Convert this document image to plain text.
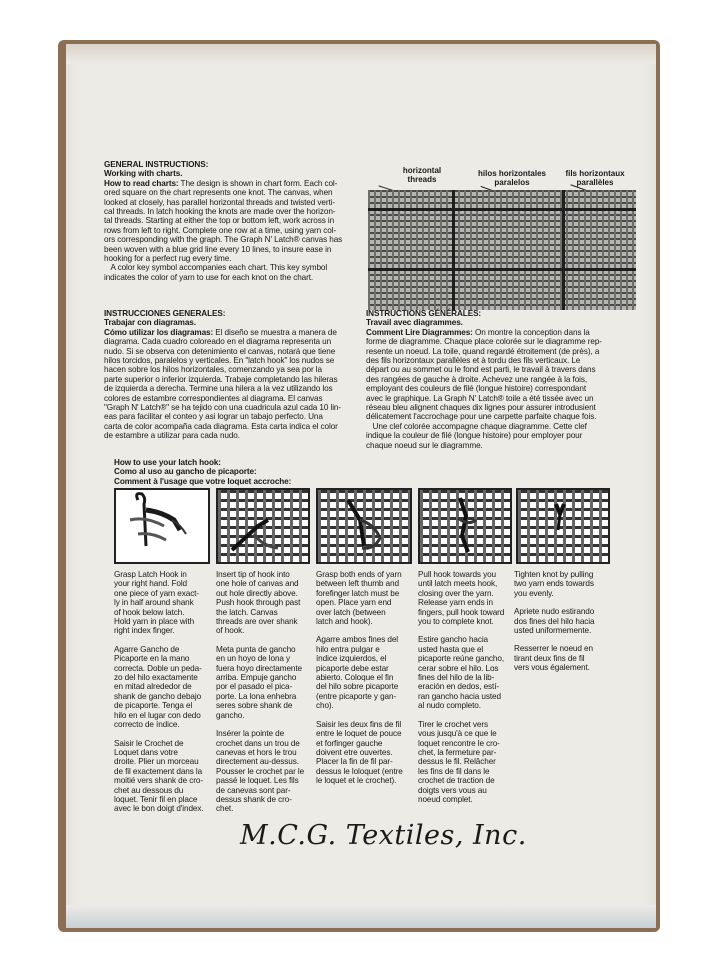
GENERAL INSTRUCTIONS:
Working with charts.
How to read charts: The design is shown in chart form. Each col-
ored square on the chart represents one knot. The canvas, when
looked at closely, has parallel horizontal threads and twisted verti-
cal threads. In latch hooking the knots are made over the horizon-
tal threads. Starting at either the top or bottom left, work across in
rows from left to right. Complete one row at a time, using yarn col-
ors corresponding with the graph. The Graph N' Latch® canvas has
been woven with a blue grid line every 10 lines, to insure ease in
hooking for a perfect rug every time.
A color key symbol accompanies each chart. This key symbol
indicates the color of yarn to use for each knot on the chart.
horizontal
threads
hilos horizontales
paralelos
fils horizontaux
parallèles
INSTRUCCIONES GENERALES:
Trabajar con diagramas.
Cómo utilizar los diagramas: El diseño se muestra a manera de
diagrama. Cada cuadro coloreado en el diagrama representa un
nudo. Si se observa con detenimiento el canvas, notará que tiene
hilos torcidos, paralelos y verticales. En "latch hook" los nudos se
hacen sobre los hilos horizontales, comenzando ya sea por la
parte superior o inferior izquierda. Trabaje completando las hileras
de izquierda a derecha. Termine una hilera a la vez utilizando los
colores de estambre correspondientes al diagrama. El canvas
"Graph N' Latch®" se ha tejido con una cuadricula azul cada 10 lin-
eas para facilitar el conteo y asi lograr un tabajo perfecto. Una
carta de color acompaña cada diagrama. Esta carta indica el color
de estambre a utilizar para cada nudo.
INSTRUCTIONS GÉNÉRALES:
Travail avec diagrammes.
Comment Lire Diagrammes: On montre la conception dans la
forme de diagramme. Chaque place colorée sur le diagramme rep-
resente un noeud. La toile, quand regardé étroitement (de près), a
des fils horizontaux parallèles et à tordu des fils verticaux. Le
départ ou au sommet ou le fond est parti, le travail à travers dans
des rangées de gauche à droite. Achevez une rangée à la fois,
employant des couleurs de filé (longue histoire) correspondant
avec le graphique. La Graph N' Latch® toile a été tissée avec un
réseau bleu alignent chaques dix lignes pour assurer introdusient
délicatement l'accrochage pour une carpette parfaite chaque fois.
Une clef colorée accompagne chaque diagramme. Cette clef
indique la couleur de filé (longue histoire) pour employer pour
chaque noeud sur le diagramme.
How to use your latch hook:
Como al uso au gancho de picaporte:
Comment à l'usage que votre loquet accroche:
Grasp Latch Hook in
your right hand. Fold
one piece of yarn exact-
ly in half around shank
of hook below latch.
Hold yarn in place with
right index finger.
Agarre Gancho de
Picaporte en la mano
correcta. Doble un peda-
zo del hilo exactamente
en mitad alrededor de
shank de gancho debajo
de picaporte. Tenga el
hilo en el lugar con dedo
correcto de índice.
Saisir le Crochet de
Loquet dans votre
droite. Plier un morceau
de fil exactement dans la
moitié vers shank de cro-
chet au dessous du
loquet. Tenir fil en place
avec le bon doigt d'index.
Insert tip of hook into
one hole of canvas and
out hole directly above.
Push hook through past
the latch. Canvas
threads are over shank
of hook.
Meta punta de gancho
en un hoyo de lona y
fuera hoyo directamente
arriba. Empuje gancho
por el pasado el pica-
porte. La lona enhebra
seres sobre shank de
gancho.
Insérer la pointe de
crochet dans un trou de
canevas et hors le trou
directement au-dessus.
Pousser le crochet par le
passé le loquet. Les fils
de canevas sont par-
dessus shank de cro-
chet.
Grasp both ends of yarn
between left thumb and
forefinger latch must be
open. Place yarn end
over latch (between
latch and hook).
Agarre ambos fines del
hilo entra pulgar e
índice izquierdos, el
picaporte debe estar
abierto. Coloque el fin
del hilo sobre picaporte
(entre picaporte y gan-
cho).
Saisir les deux fins de fil
entre le loquet de pouce
et forfinger gauche
doivent etre ouvertes.
Placer la fin de fil par-
dessus le loloquet (entre
le loquet et le crochet).
Pull hook towards you
until latch meets hook,
closing over the yarn.
Release yarn ends in
fingers, pull hook toward
you to complete knot.
Estire gancho hacia
usted hasta que el
picaporte reúne gancho,
cerar sobre el hilo. Los
fines del hilo de la lib-
eración en dedos, estí-
ran gancho hacia usted
al nudo completo.
Tirer le crochet vers
vous jusqu'à ce que le
loquet rencontre le cro-
chet, la fermeture par-
dessus le fil. Relâcher
les fins de fil dans le
crochet de traction de
doigts vers vous au
noeud complet.
Tighten knot by pulling
two yarn ends towards
you evenly.
Apriete nudo estirando
dos fines del hilo hacia
usted uniformemente.
Resserrer le noeud en
tirant deux fins de fil
vers vous également.
M.C.G. Textiles, Inc.
